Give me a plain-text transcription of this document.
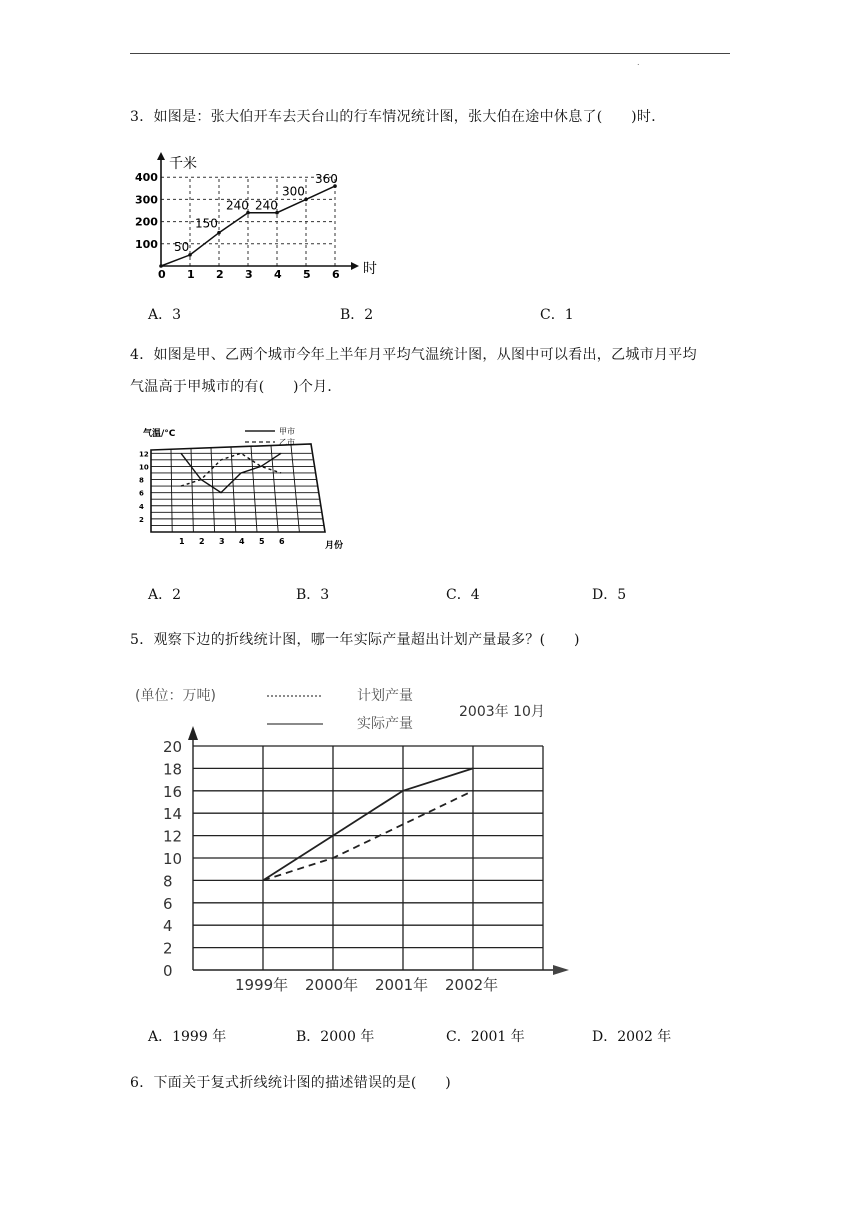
.
3．如图是：张大伯开车去天台山的行车情况统计图，张大伯在途中休息了(　　)时．
0 1 2 3 4 5 6
100
200
300
400
50
150
240 240
300
360
千米
时
A．3	B．2	C．1
4．如图是甲、乙两个城市今年上半年月平均气温统计图，从图中可以看出，乙城市月平均
气温高于甲城市的有(　　)个月．
2
4
6
8
10
12
1 2 3 4 5 6
气温/°C
月份
甲市
乙市
A．2	B．3	C．4	D．5
5．观察下边的折线统计图，哪一年实际产量超出计划产量最多？(　　)
(单位：万吨)	计划产量
实际产量
2003年 10月
0
2
4
6
8
10
12
14
16
18
20
1999年 2000年 2001年 2002年
A．1999 年	B．2000 年	C．2001 年	D．2002 年
6．下面关于复式折线统计图的描述错误的是(　　)
